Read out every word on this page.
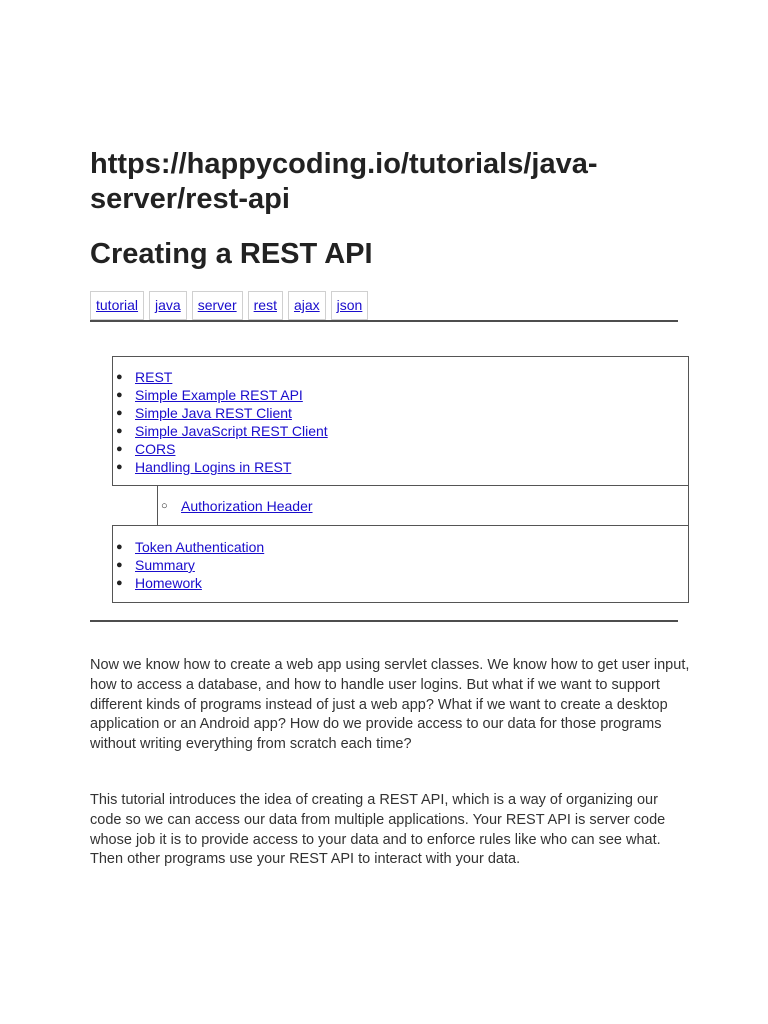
https://happycoding.io/tutorials/java-server/rest-api
Creating a REST API
tutorial	java	server	rest	ajax	json
● REST
● Simple Example REST API
● Simple Java REST Client
● Simple JavaScript REST Client
● CORS
● Handling Logins in REST
○ Authorization Header
● Token Authentication
● Summary
● Homework

Now we know how to create a web app using servlet classes. We know how to get user input, how to access a database, and how to handle user logins. But what if we want to support different kinds of programs instead of just a web app? What if we want to create a desktop application or an Android app? How do we provide access to our data for those programs without writing everything from scratch each time?

This tutorial introduces the idea of creating a REST API, which is a way of organizing our code so we can access our data from multiple applications. Your REST API is server code whose job it is to provide access to your data and to enforce rules like who can see what. Then other programs use your REST API to interact with your data.
